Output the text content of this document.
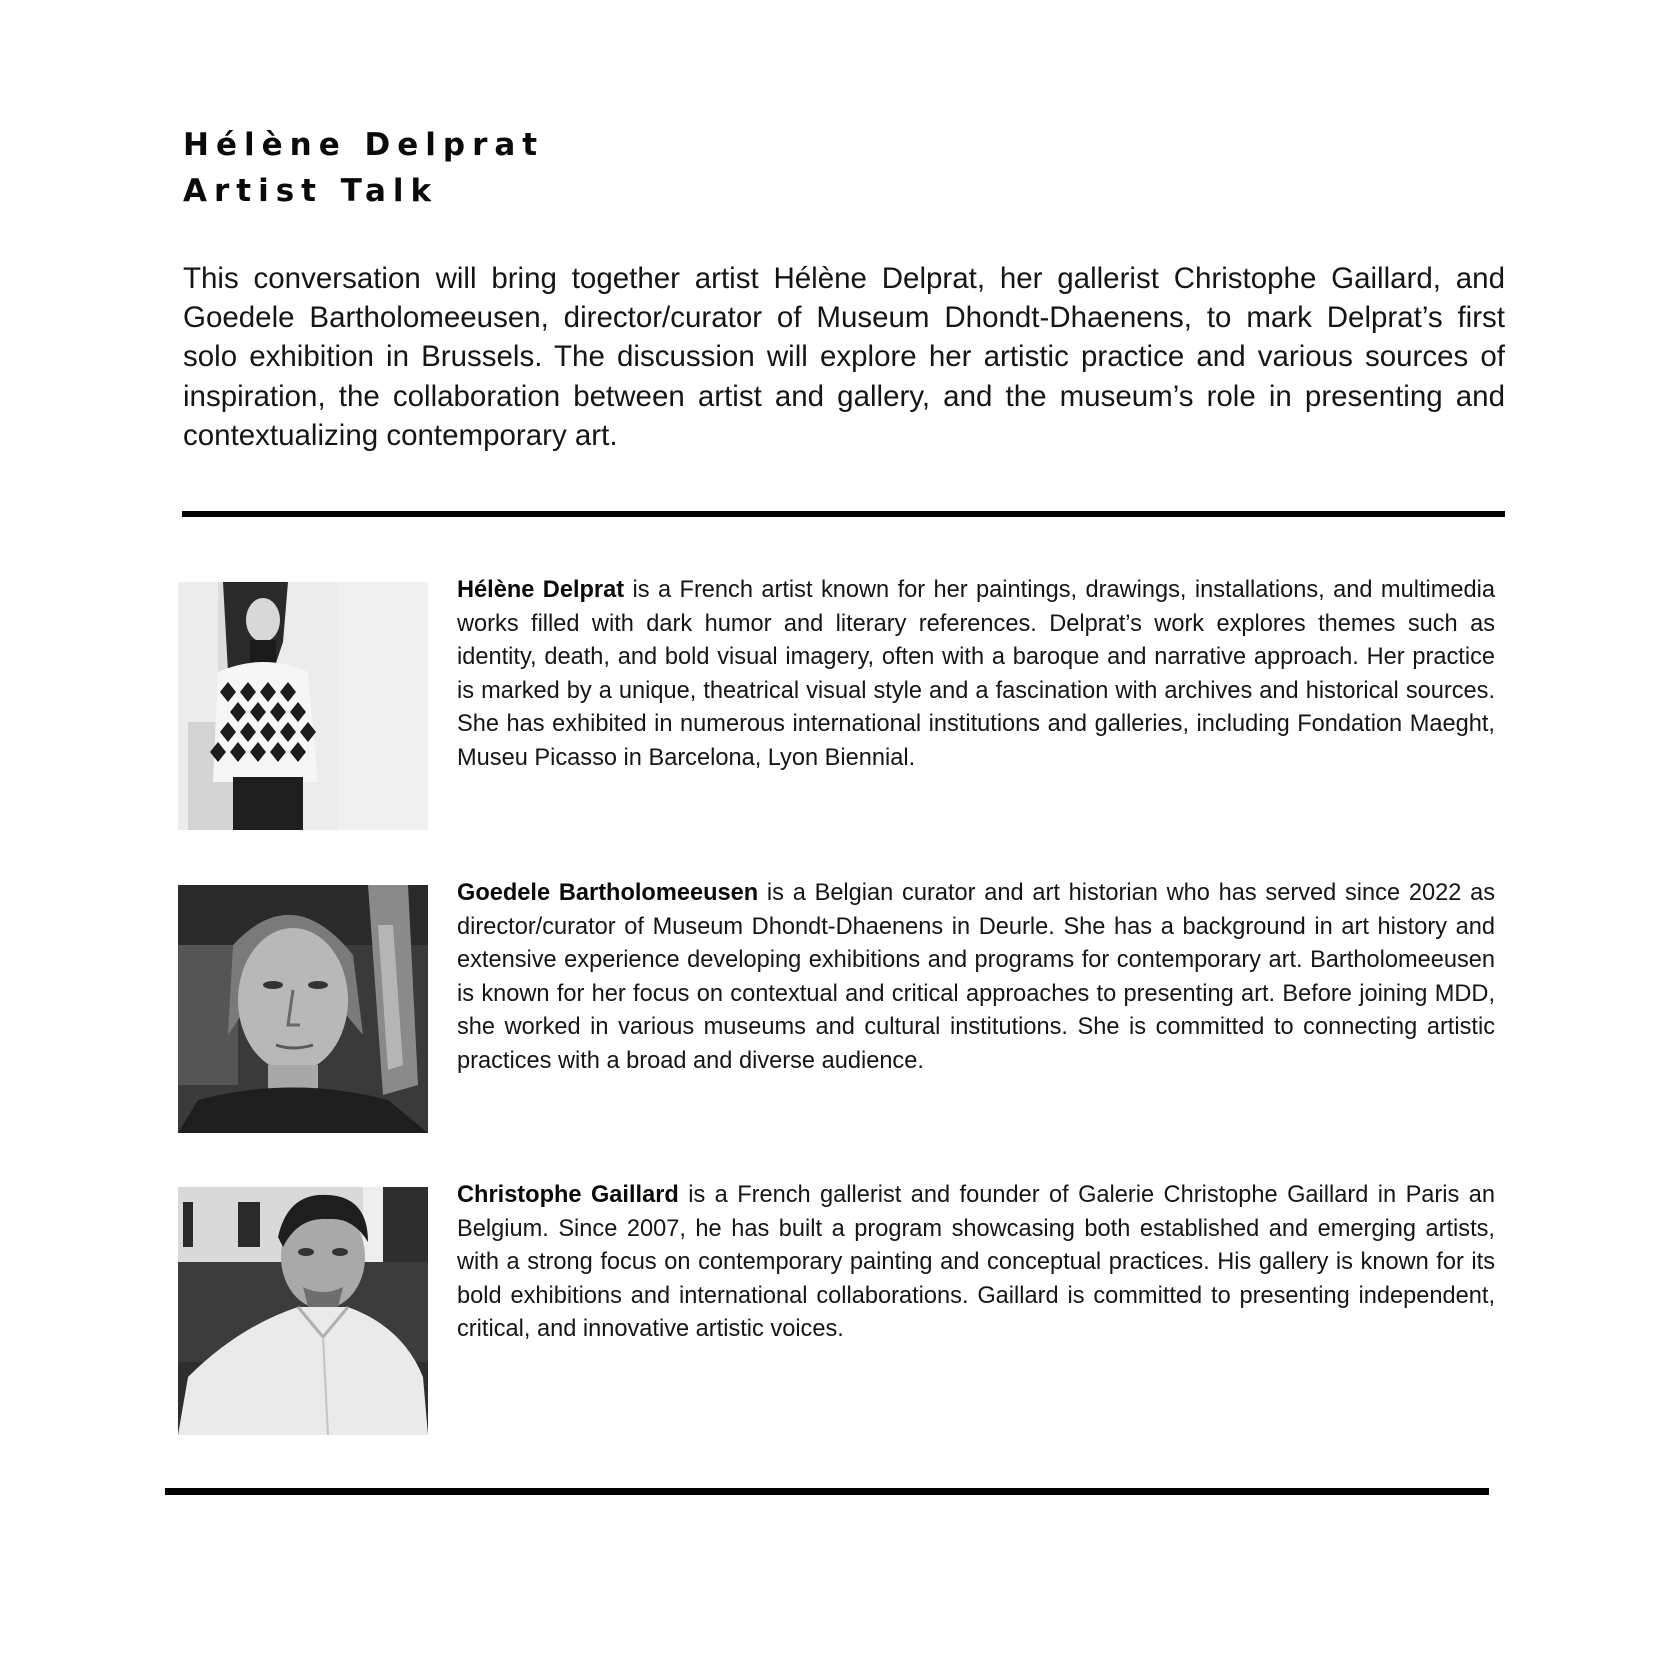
Hélène Delprat
Artist Talk

This conversation will bring together artist Hélène Delprat, her gallerist Christophe Gaillard, and Goedele Bartholomeeusen, director/curator of Museum Dhondt-Dhaenens, to mark Delprat’s first solo exhibition in Brussels. The discussion will explore her artistic practice and various sources of inspiration, the collaboration between artist and gallery, and the museum’s role in presenting and contextualizing contemporary art.

Hélène Delprat is a French artist known for her paintings, drawings, installations, and multimedia works filled with dark humor and literary references. Delprat’s work explores themes such as identity, death, and bold visual imagery, often with a baroque and narrative approach. Her practice is marked by a unique, theatrical visual style and a fascination with archives and historical sources. She has exhibited in numerous international institutions and galleries, including Fondation Maeght, Museu Picasso in Barcelona, Lyon Biennial.

Goedele Bartholomeeusen is a Belgian curator and art historian who has served since 2022 as director/curator of Museum Dhondt-Dhaenens in Deurle. She has a background in art history and extensive experience developing exhibitions and programs for contemporary art. Bartholomeeusen is known for her focus on contextual and critical approaches to presenting art. Before joining MDD, she worked in various museums and cultural institutions. She is committed to connecting artistic practices with a broad and diverse audience.

Christophe Gaillard is a French gallerist and founder of Galerie Christophe Gaillard in Paris an Belgium. Since 2007, he has built a program showcasing both established and emerging artists, with a strong focus on contemporary painting and conceptual practices. His gallery is known for its bold exhibitions and international collaborations. Gaillard is committed to presenting independent, critical, and innovative artistic voices.
